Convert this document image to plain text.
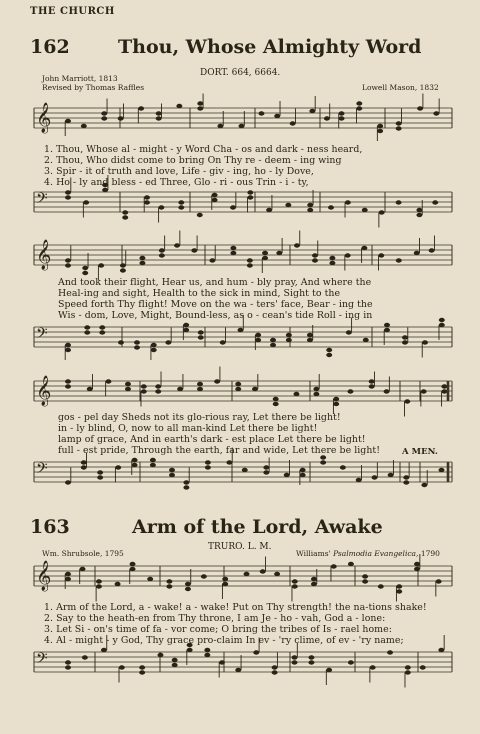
THE CHURCH
162	Thou, Whose Almighty Word
DORT. 664, 6664.
John Marriott, 1813
Revised by Thomas Raffles	Lowell Mason, 1832
𝄞
𝄢
𝄞
𝄢
𝄞
𝄢
𝄞
𝄢
1. Thou, Whose al - might - y Word Cha - os and dark - ness heard,
2. Thou, Who didst come to bring On Thy re - deem - ing wing
3. Spir - it of truth and love, Life - giv - ing, ho - ly Dove,
4. Ho - ly and bless - ed Three, Glo - ri - ous Trin - i - ty,
And took their flight, Hear us, and hum - bly pray, And where the
Heal-ing and sight, Health to the sick in mind, Sight to the
Speed forth Thy flight! Move on the wa - ters' face, Bear - ing the
Wis - dom, Love, Might, Bound-less, as o - cean's tide Roll - ing in
gos - pel day Sheds not its glo-rious ray, Let there be light!
in - ly blind, O, now to all man-kind Let there be light!
lamp of grace, And in earth's dark - est place Let there be light!
full - est pride, Through the earth, far and wide, Let there be light!	A MEN.
163	Arm of the Lord, Awake
TRURO. L. M.
Wm. Shrubsole, 1795	Williams' Psalmodia Evangelica, 1790
1. Arm of the Lord, a - wake! a - wake! Put on Thy strength! the na-tions shake!
2. Say to the heath-en from Thy throne, I am Je - ho - vah, God a - lone:
3. Let Si - on's time of fa - vor come; O bring the tribes of Is - rael home:
4. Al - might - y God, Thy grace pro-claim In ev - 'ry clime, of ev - 'ry name;
